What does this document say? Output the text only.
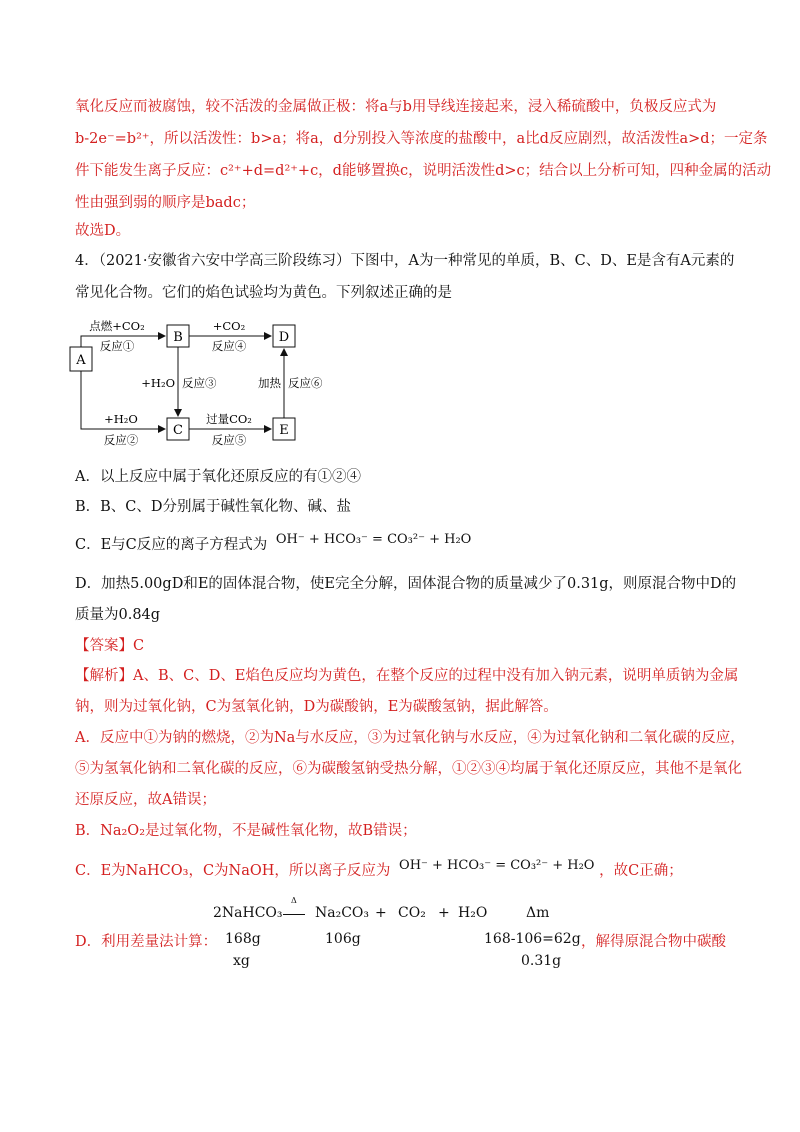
氧化反应而被腐蚀，较不活泼的金属做正极：将a与b用导线连接起来，浸入稀硫酸中，负极反应式为
b-2e⁻=b²⁺，所以活泼性：b>a；将a，d分别投入等浓度的盐酸中，a比d反应剧烈，故活泼性a>d；一定条
件下能发生离子反应：c²⁺+d=d²⁺+c，d能够置换c，说明活泼性d>c；结合以上分析可知，四种金属的活动
性由强到弱的顺序是badc；
故选D。
4．（2021·安徽省六安中学高三阶段练习）下图中，A为一种常见的单质，B、C、D、E是含有A元素的
常见化合物。它们的焰色试验均为黄色。下列叙述正确的是
A
B	D
C	E
点燃+CO₂
反应①
+CO₂
反应④
+H₂O 反应③	加热 反应⑥
+H₂O
反应②
过量CO₂
反应⑤
A．以上反应中属于氧化还原反应的有①②④
B．B、C、D分别属于碱性氧化物、碱、盐
C．E与C反应的离子方程式为 OH⁻ + HCO₃⁻ = CO₃²⁻ + H₂O
D．加热5.00gD和E的固体混合物，使E完全分解，固体混合物的质量减少了0.31g，则原混合物中D的
质量为0.84g
【答案】C
【解析】A、B、C、D、E焰色反应均为黄色，在整个反应的过程中没有加入钠元素，说明单质钠为金属
钠，则为过氧化钠，C为氢氧化钠，D为碳酸钠，E为碳酸氢钠，据此解答。
A．反应中①为钠的燃烧，②为Na与水反应，③为过氧化钠与水反应，④为过氧化钠和二氧化碳的反应，
⑤为氢氧化钠和二氧化碳的反应，⑥为碳酸氢钠受热分解，①②③④均属于氧化还原反应，其他不是氧化
还原反应，故A错误；
B．Na₂O₂是过氧化物，不是碱性氧化物，故B错误；
C．E为NaHCO₃，C为NaOH，所以离子反应为 OH⁻ + HCO₃⁻ = CO₃²⁻ + H₂O ，故C正确；
D．利用差量法计算：	，解得原混合物中碳酸
2NaHCO₃
Δ
Na₂CO₃ + CO₂ + H₂O	Δm
168g	106g	168-106=62g
xg	0.31g
